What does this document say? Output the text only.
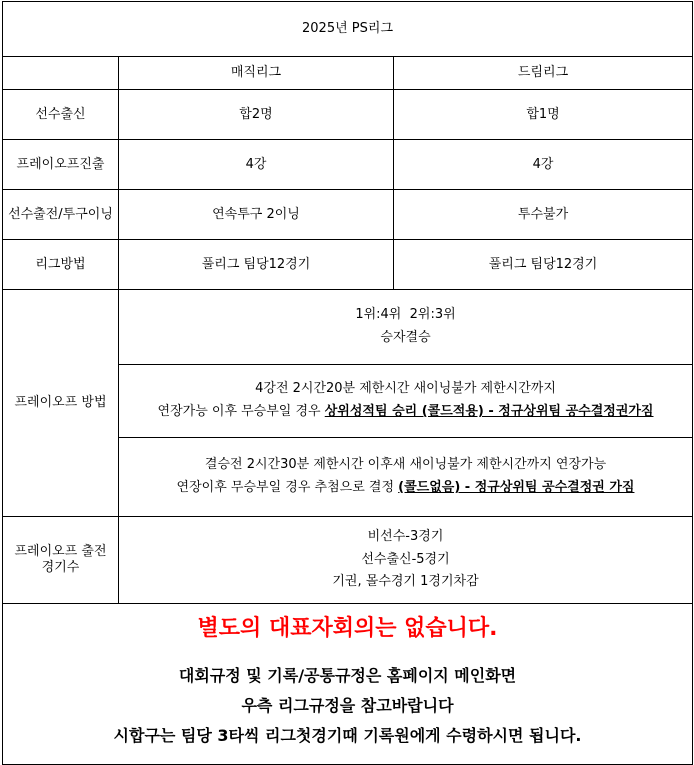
2025년 PS리그		
	매직리그	드림리그
선수출신	합2명	합1명
프레이오프진출	4강	4강
선수출전/투구이닝	연속투구 2이닝	투수불가
리그방법	풀리그 팀당12경기	풀리그 팀당12경기
프레이오프 방법	1위:4위  2위:3위
승자결승	

	4강전 2시간20분 제한시간 새이닝불가 제한시간까지
연장가능 이후 무승부일 경우 상위성적팀 승리 (콜드적용) - 정규상위팀 공수결정권가짐	

	결승전 2시간30분 제한시간 이후새 새이닝불가 제한시간까지 연장가능
연장이후 무승부일 경우 추첨으로 결정 (콜드없음) - 정규상위팀 공수결정권 가짐	

프레이오프 출전
경기수	비선수-3경기
선수출신-5경기
기권, 몰수경기 1경기차감	

별도의 대표자회의는 없습니다.
대회규정 및 기록/공통규정은 홈페이지 메인화면
우측 리그규정을 참고바랍니다
시합구는 팀당 3타씩 리그첫경기때 기록원에게 수령하시면 됩니다.		
